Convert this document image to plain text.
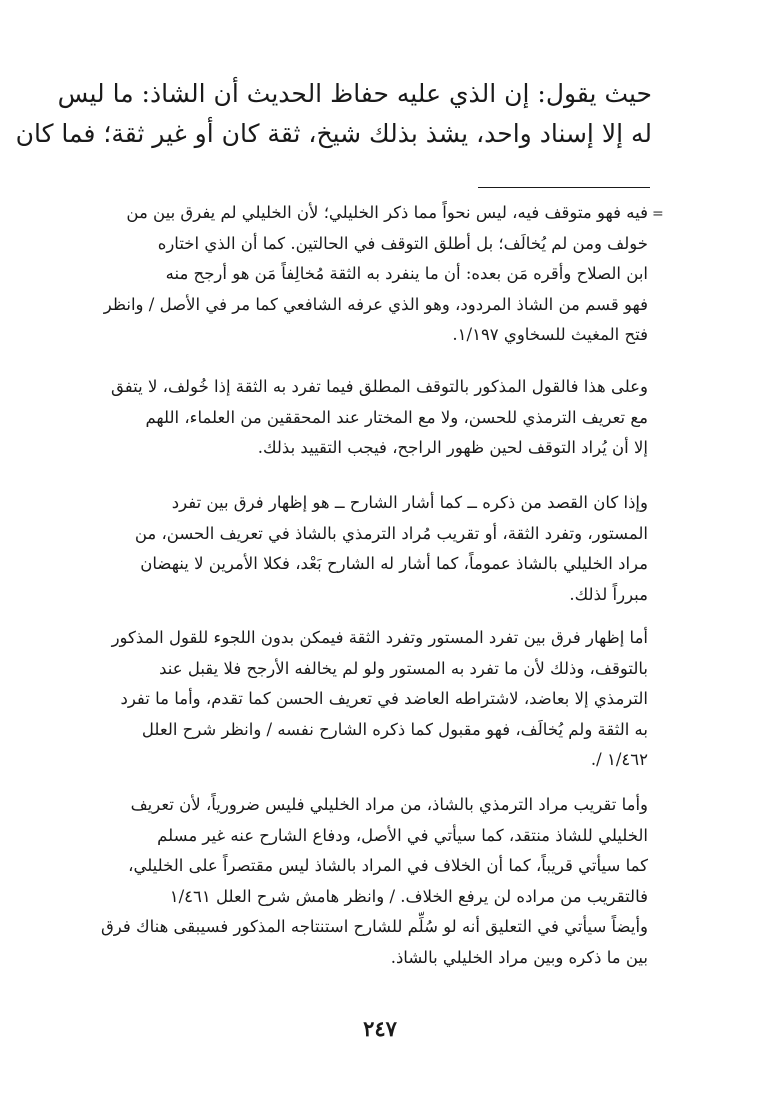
حيث يقول: إن الذي عليه حفاظ الحديث أن الشاذ: ما ليس

له إلا إسناد واحد، يشذ بذلك شيخ، ثقة كان أو غير ثقة؛ فما كان

=

فيه فهو متوقف فيه، ليس نحواً مما ذكر الخليلي؛ لأن الخليلي لم يفرق بين من

خولف ومن لم يُخالَف؛ بل أطلق التوقف في الحالتين. كما أن الذي اختاره

ابن الصلاح وأقره مَن بعده: أن ما ينفرد به الثقة مُخالِفاً مَن هو أرجح منه

فهو قسم من الشاذ المردود، وهو الذي عرفه الشافعي كما مر في الأصل / وانظر

فتح المغيث للسخاوي ١/١٩٧.

وعلى هذا فالقول المذكور بالتوقف المطلق فيما تفرد به الثقة إذا خُولف، لا يتفق

مع تعريف الترمذي للحسن، ولا مع المختار عند المحققين من العلماء، اللهم

إلا أن يُراد التوقف لحين ظهور الراجح، فيجب التقييد بذلك.

وإذا كان القصد من ذكره ــ كما أشار الشارح ــ هو إظهار فرق بين تفرد

المستور، وتفرد الثقة، أو تقريب مُراد الترمذي بالشاذ في تعريف الحسن، من

مراد الخليلي بالشاذ عموماً، كما أشار له الشارح بَعْد، فكلا الأمرين لا ينهضان

مبرراً لذلك.

أما إظهار فرق بين تفرد المستور وتفرد الثقة فيمكن بدون اللجوء للقول المذكور

بالتوقف، وذلك لأن ما تفرد به المستور ولو لم يخالفه الأرجح فلا يقبل عند

الترمذي إلا بعاضد، لاشتراطه العاضد في تعريف الحسن كما تقدم، وأما ما تفرد

به الثقة ولم يُخالَف، فهو مقبول كما ذكره الشارح نفسه / وانظر شرح العلل

١/٤٦٢ /.

وأما تقريب مراد الترمذي بالشاذ، من مراد الخليلي فليس ضرورياً، لأن تعريف

الخليلي للشاذ منتقد، كما سيأتي في الأصل، ودفاع الشارح عنه غير مسلم

كما سيأتي قريباً، كما أن الخلاف في المراد بالشاذ ليس مقتصراً على الخليلي،

فالتقريب من مراده لن يرفع الخلاف. / وانظر هامش شرح العلل ١/٤٦١

وأيضاً سيأتي في التعليق أنه لو سُلِّم للشارح استنتاجه المذكور فسيبقى هناك فرق

بين ما ذكره وبين مراد الخليلي بالشاذ.

٢٤٧
